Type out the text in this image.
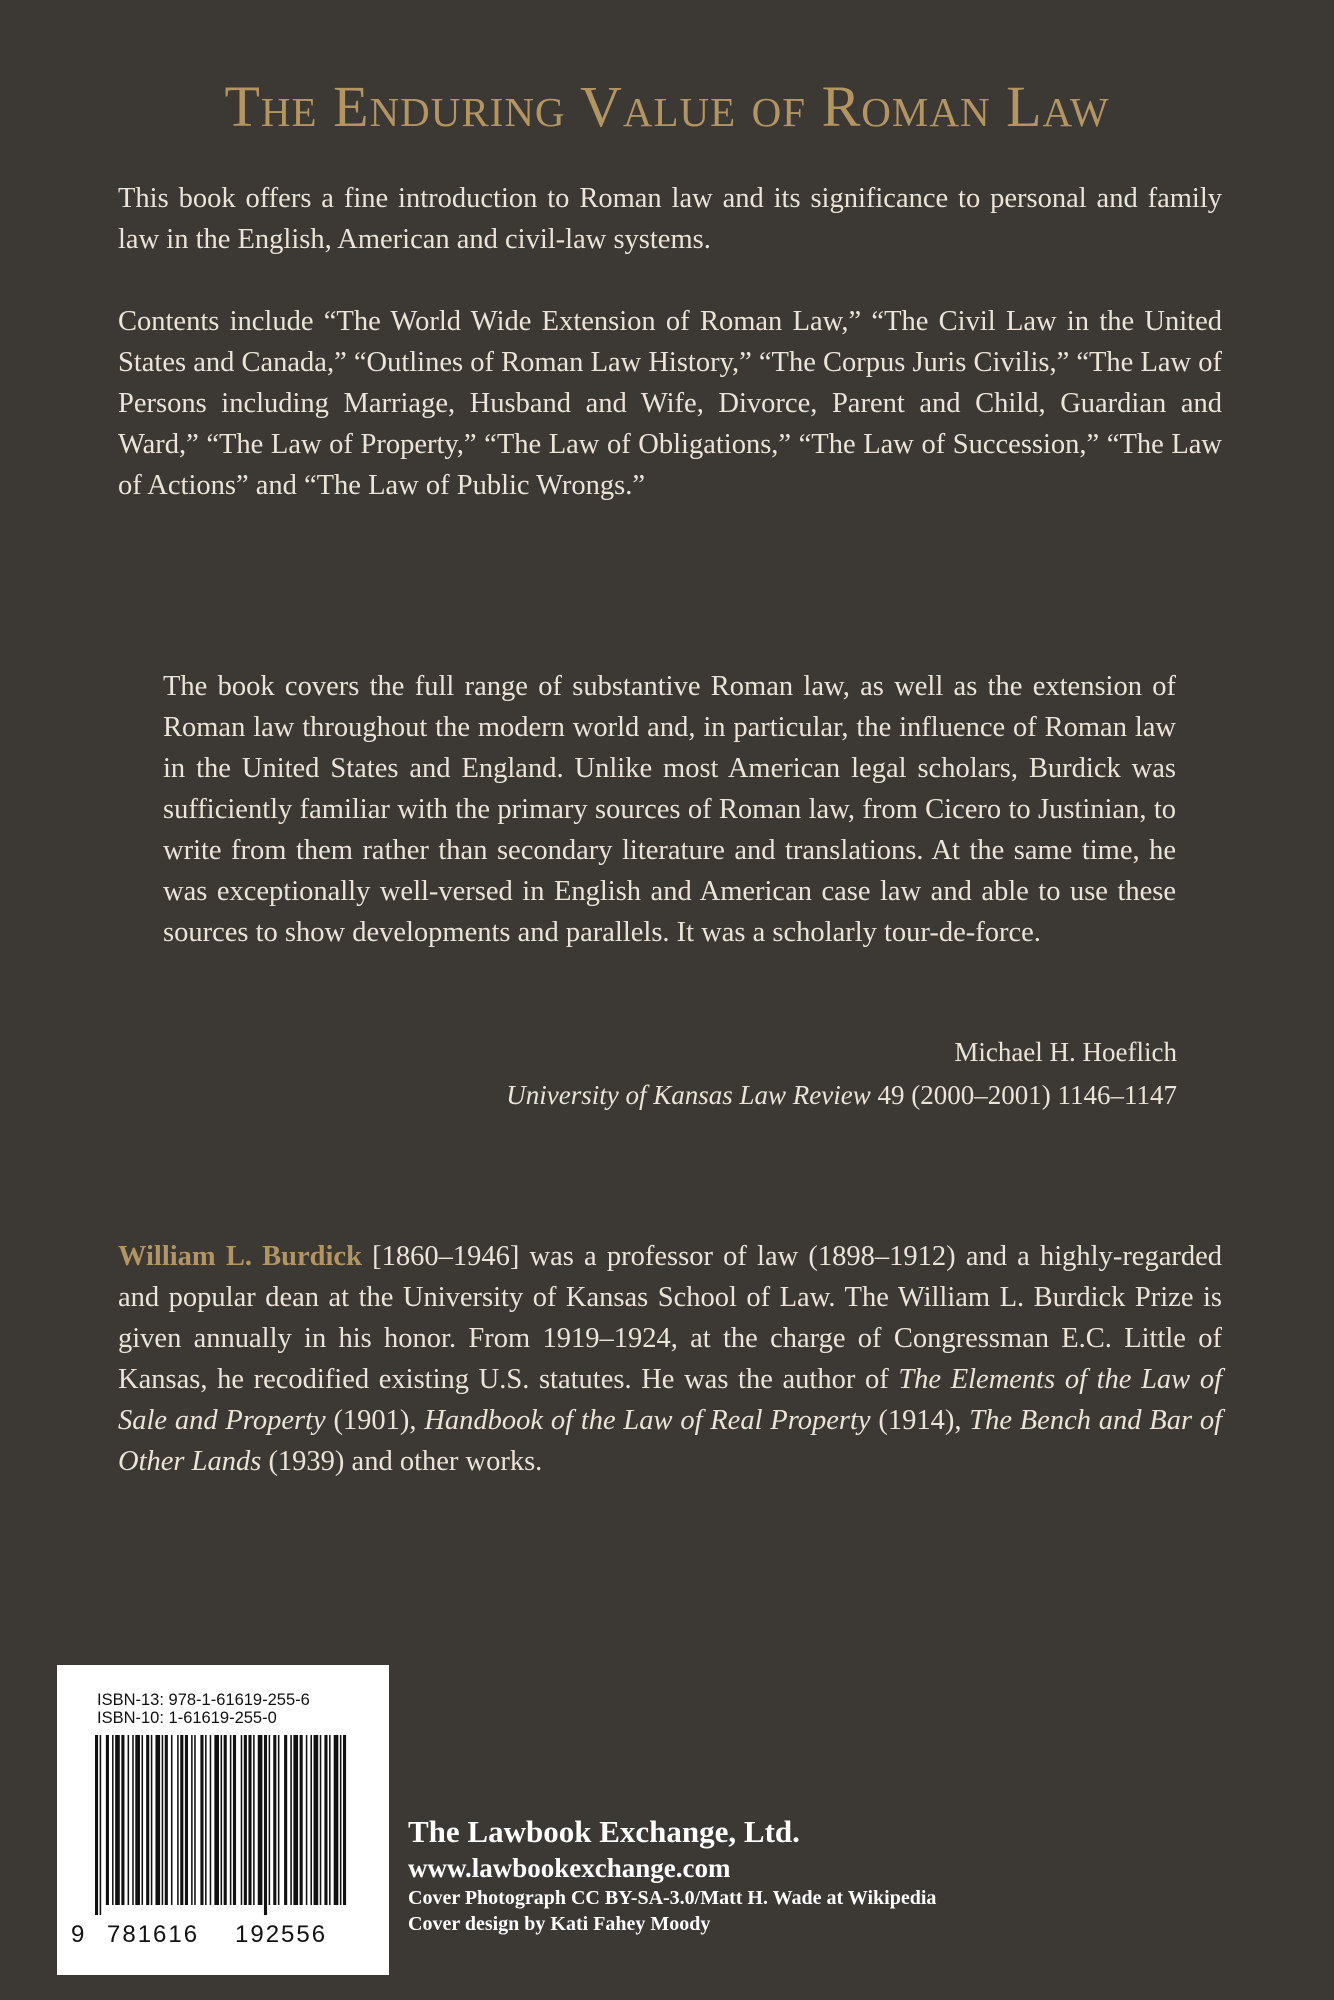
The Enduring Value of Roman Law

This book offers a fine introduction to Roman law and its significance to personal and family law in the English, American and civil-law systems.

Contents include “The World Wide Extension of Roman Law,” “The Civil Law in the United States and Canada,” “Outlines of Roman Law History,” “The Corpus Juris Civilis,” “The Law of Persons including Marriage, Husband and Wife, Divorce, Parent and Child, Guardian and Ward,” “The Law of Property,” “The Law of Obligations,” “The Law of Succession,” “The Law of Actions” and “The Law of Public Wrongs.”

The book covers the full range of substantive Roman law, as well as the extension of Roman law throughout the modern world and, in particular, the influence of Roman law in the United States and England. Unlike most American legal scholars, Burdick was sufficiently familiar with the primary sources of Roman law, from Cicero to Justinian, to write from them rather than secondary literature and translations. At the same time, he was exceptionally well-versed in English and American case law and able to use these sources to show developments and parallels. It was a scholarly tour-de-force.

Michael H. Hoeflich

University of Kansas Law Review 49 (2000–2001) 1146–1147

William L. Burdick [1860–1946] was a professor of law (1898–1912) and a highly-regarded and popular dean at the University of Kansas School of Law. The William L. Burdick Prize is given annually in his honor. From 1919–1924, at the charge of Congressman E.C. Little of Kansas, he recodified existing U.S. statutes. He was the author of The Elements of the Law of Sale and Property (1901), Handbook of the Law of Real Property (1914), The Bench and Bar of Other Lands (1939) and other works.

ISBN-13: 978-1-61619-255-6
ISBN-10: 1-61619-255-0
9 781616 192556
The Lawbook Exchange, Ltd.
www.lawbookexchange.com
Cover Photograph CC BY-SA-3.0/Matt H. Wade at Wikipedia
Cover design by Kati Fahey Moody
